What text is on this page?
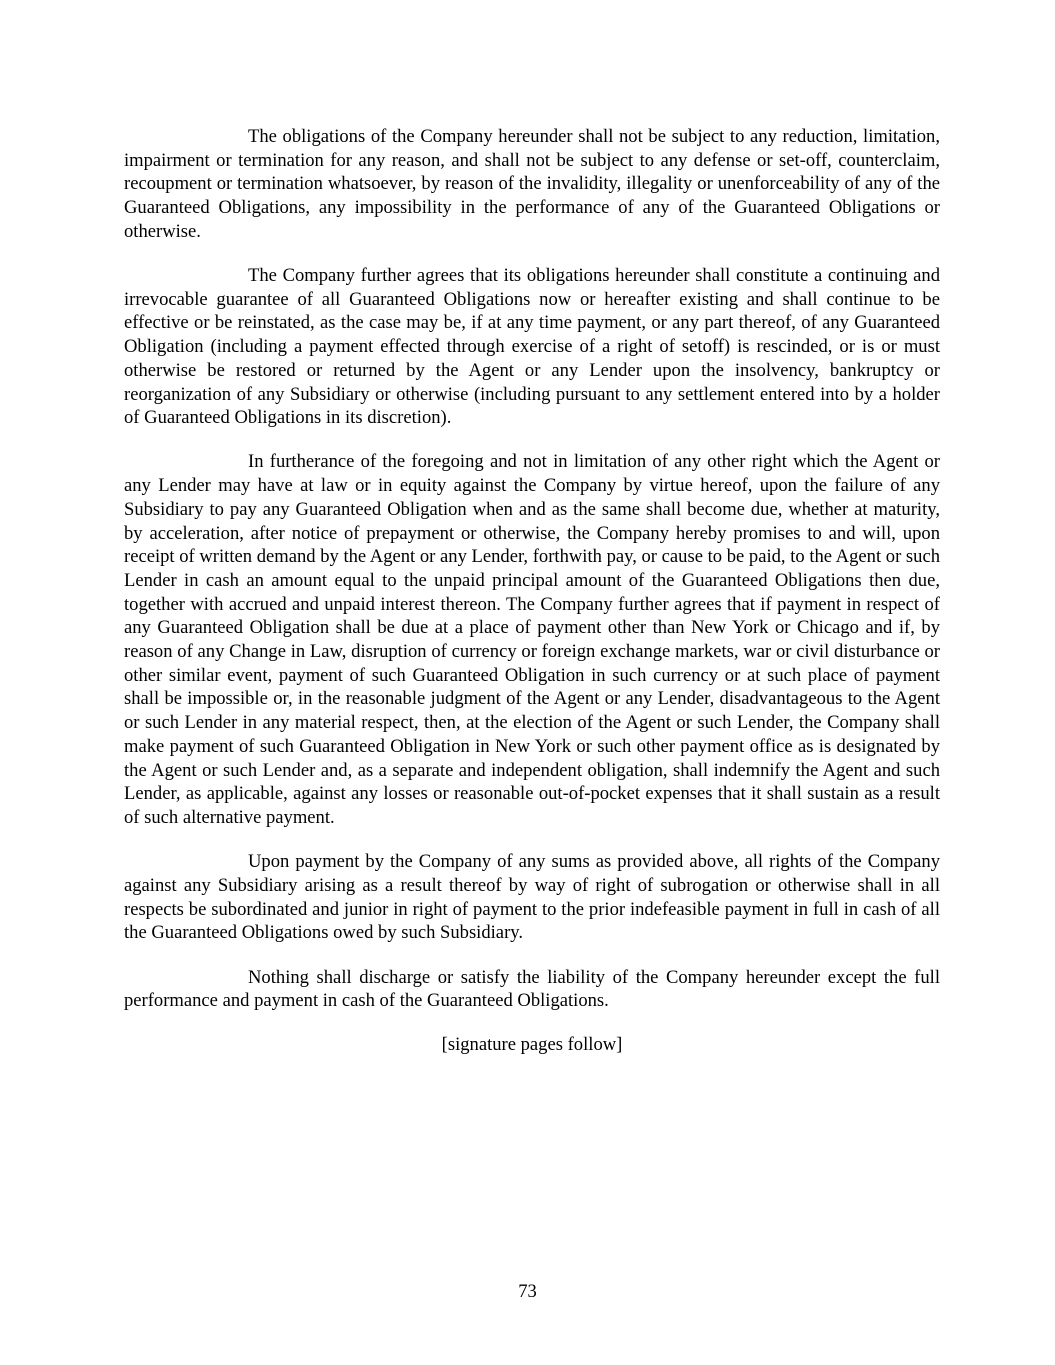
The obligations of the Company hereunder shall not be subject to any reduction, limitation, impairment or termination for any reason, and shall not be subject to any defense or set-off, counterclaim, recoupment or termination whatsoever, by reason of the invalidity, illegality or unenforceability of any of the Guaranteed Obligations, any impossibility in the performance of any of the Guaranteed Obligations or otherwise.

The Company further agrees that its obligations hereunder shall constitute a continuing and irrevocable guarantee of all Guaranteed Obligations now or hereafter existing and shall continue to be effective or be reinstated, as the case may be, if at any time payment, or any part thereof, of any Guaranteed Obligation (including a payment effected through exercise of a right of setoff) is rescinded, or is or must otherwise be restored or returned by the Agent or any Lender upon the insolvency, bankruptcy or reorganization of any Subsidiary or otherwise (including pursuant to any settlement entered into by a holder of Guaranteed Obligations in its discretion).

In furtherance of the foregoing and not in limitation of any other right which the Agent or any Lender may have at law or in equity against the Company by virtue hereof, upon the failure of any Subsidiary to pay any Guaranteed Obligation when and as the same shall become due, whether at maturity, by acceleration, after notice of prepayment or otherwise, the Company hereby promises to and will, upon receipt of written demand by the Agent or any Lender, forthwith pay, or cause to be paid, to the Agent or such Lender in cash an amount equal to the unpaid principal amount of the Guaranteed Obligations then due, together with accrued and unpaid interest thereon. The Company further agrees that if payment in respect of any Guaranteed Obligation shall be due at a place of payment other than New York or Chicago and if, by reason of any Change in Law, disruption of currency or foreign exchange markets, war or civil disturbance or other similar event, payment of such Guaranteed Obligation in such currency or at such place of payment shall be impossible or, in the reasonable judgment of the Agent or any Lender, disadvantageous to the Agent or such Lender in any material respect, then, at the election of the Agent or such Lender, the Company shall make payment of such Guaranteed Obligation in New York or such other payment office as is designated by the Agent or such Lender and, as a separate and independent obligation, shall indemnify the Agent and such Lender, as applicable, against any losses or reasonable out-of-pocket expenses that it shall sustain as a result of such alternative payment.

Upon payment by the Company of any sums as provided above, all rights of the Company against any Subsidiary arising as a result thereof by way of right of subrogation or otherwise shall in all respects be subordinated and junior in right of payment to the prior indefeasible payment in full in cash of all the Guaranteed Obligations owed by such Subsidiary.

Nothing shall discharge or satisfy the liability of the Company hereunder except the full performance and payment in cash of the Guaranteed Obligations.

[signature pages follow]

73
